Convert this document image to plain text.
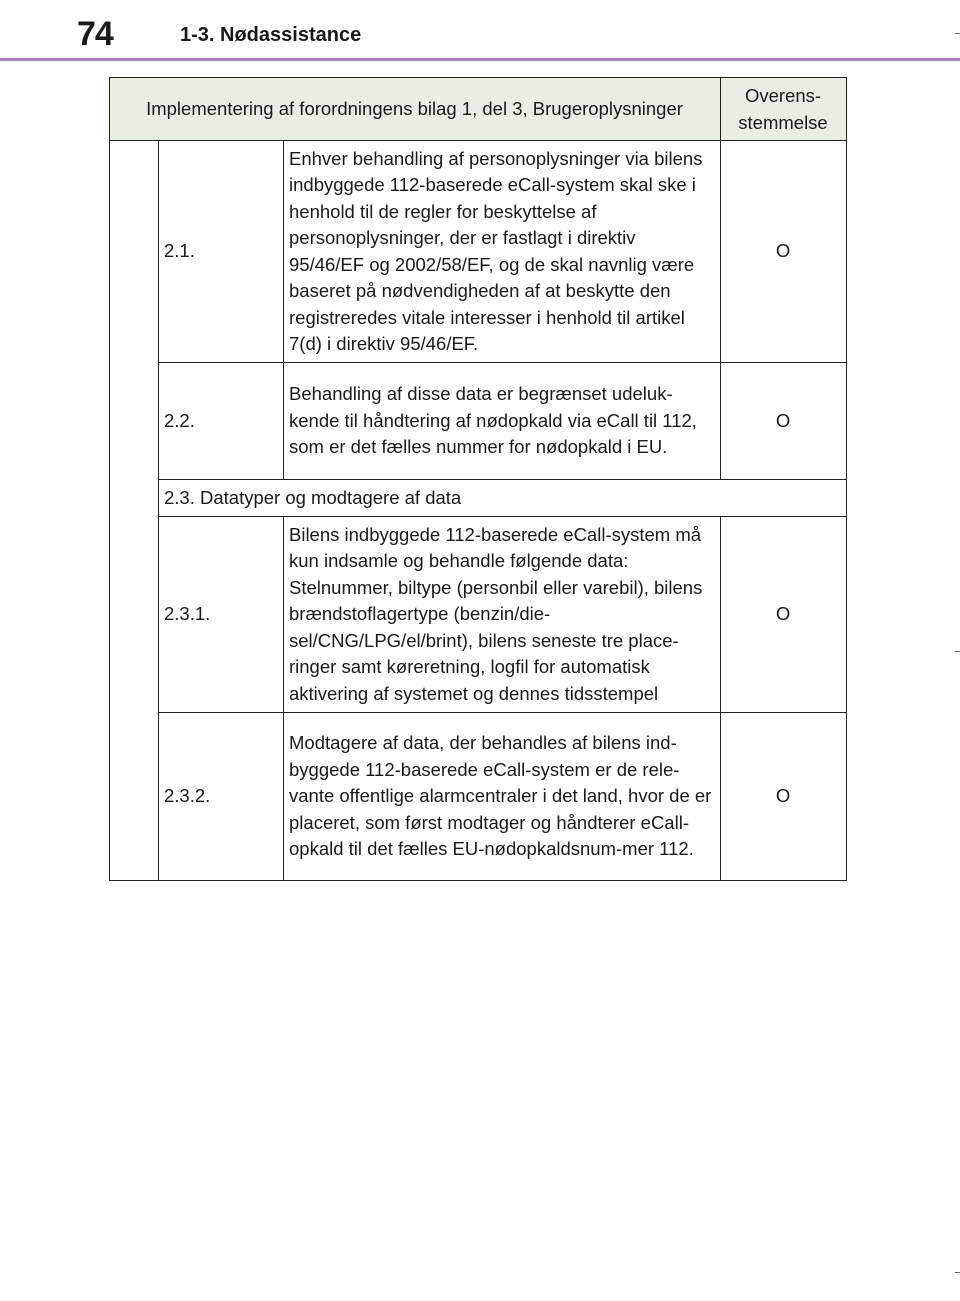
74	1-3. Nødassistance
Implementering af forordningens bilag 1, del 3, Brugeroplysninger			Overens-
stemmelse
	2.1.	Enhver behandling af personoplysninger via bilens indbyggede 112-baserede eCall-system skal ske i henhold til de regler for beskyttelse af personoplysninger, der er fastlagt i direktiv 95/46/EF og 2002/58/EF, og de skal navnlig være baseret på nødvendigheden af at beskytte den registreredes vitale interesser i henhold til artikel 7(d) i direktiv 95/46/EF.	O
	2.2.	Behandling af disse data er begrænset udeluk-kende til håndtering af nødopkald via eCall til 112, som er det fælles nummer for nødopkald i EU.	O
	2.3. Datatyper og modtagere af data		
	2.3.1.	Bilens indbyggede 112-baserede eCall-system må kun indsamle og behandle følgende data: Stelnummer, biltype (personbil eller varebil), bilens brændstoflagertype (benzin/die-sel/CNG/LPG/el/brint), bilens seneste tre place-ringer samt køreretning, logfil for automatisk aktivering af systemet og dennes tidsstempel	O
	2.3.2.	Modtagere af data, der behandles af bilens ind-byggede 112-baserede eCall-system er de rele-vante offentlige alarmcentraler i det land, hvor de er placeret, som først modtager og håndterer eCall-opkald til det fælles EU-nødopkaldsnum-mer 112.	O
